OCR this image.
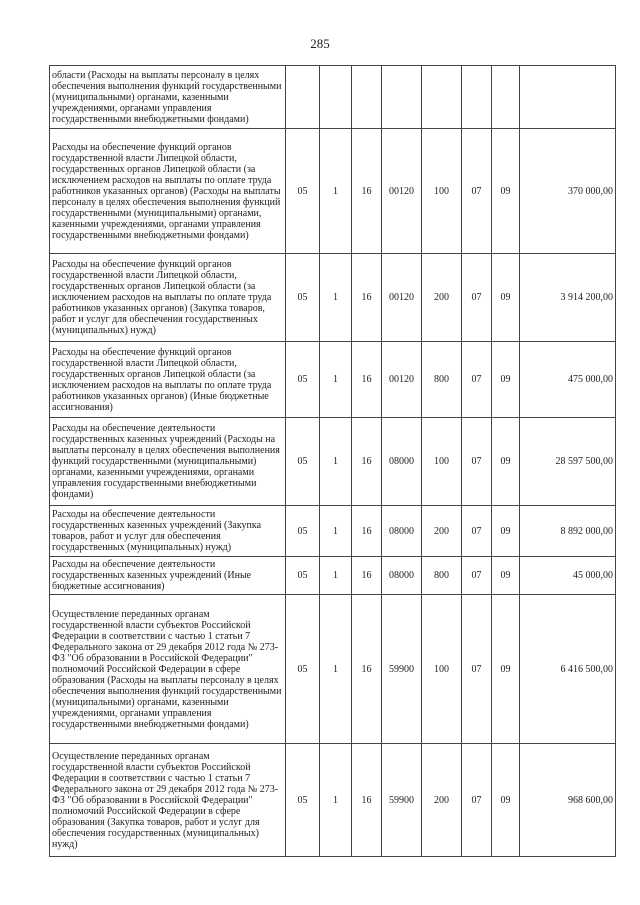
285
области (Расходы на выплаты персоналу в целях обеспечения выполнения функций государственными (муниципальными) органами, казенными учреждениями, органами управления государственными внебюджетными фондами)								
Расходы на обеспечение функций органов государственной власти Липецкой области, государственных органов Липецкой области (за исключением расходов на выплаты по оплате труда работников указанных органов) (Расходы на выплаты персоналу в целях обеспечения выполнения функций государственными (муниципальными) органами, казенными учреждениями, органами управления государственными внебюджетными фондами)	05	1	16	00120	100	07	09	370 000,00
Расходы на обеспечение функций органов государственной власти Липецкой области, государственных органов Липецкой области (за исключением расходов на выплаты по оплате труда работников указанных органов) (Закупка товаров, работ и услуг для обеспечения государственных (муниципальных) нужд)	05	1	16	00120	200	07	09	3 914 200,00
Расходы на обеспечение функций органов государственной власти Липецкой области, государственных органов Липецкой области (за исключением расходов на выплаты по оплате труда работников указанных органов) (Иные бюджетные ассигнования)	05	1	16	00120	800	07	09	475 000,00
Расходы на обеспечение деятельности государственных казенных учреждений (Расходы на выплаты персоналу в целях обеспечения выполнения функций государственными (муниципальными) органами, казенными учреждениями, органами управления государственными внебюджетными фондами)	05	1	16	08000	100	07	09	28 597 500,00
Расходы на обеспечение деятельности государственных казенных учреждений (Закупка товаров, работ и услуг для обеспечения государственных (муниципальных) нужд)	05	1	16	08000	200	07	09	8 892 000,00
Расходы на обеспечение деятельности государственных казенных учреждений (Иные бюджетные ассигнования)	05	1	16	08000	800	07	09	45 000,00
Осуществление переданных органам государственной власти субъектов Российской Федерации в соответствии с частью 1 статьи 7 Федерального закона от 29 декабря 2012 года № 273-ФЗ "Об образовании в Российской Федерации" полномочий Российской Федерации в сфере образования (Расходы на выплаты персоналу в целях обеспечения выполнения функций государственными (муниципальными) органами, казенными учреждениями, органами управления государственными внебюджетными фондами)	05	1	16	59900	100	07	09	6 416 500,00
Осуществление переданных органам государственной власти субъектов Российской Федерации в соответствии с частью 1 статьи 7 Федерального закона от 29 декабря 2012 года № 273-ФЗ "Об образовании в Российской Федерации" полномочий Российской Федерации в сфере образования (Закупка товаров, работ и услуг для обеспечения государственных (муниципальных) нужд)	05	1	16	59900	200	07	09	968 600,00
